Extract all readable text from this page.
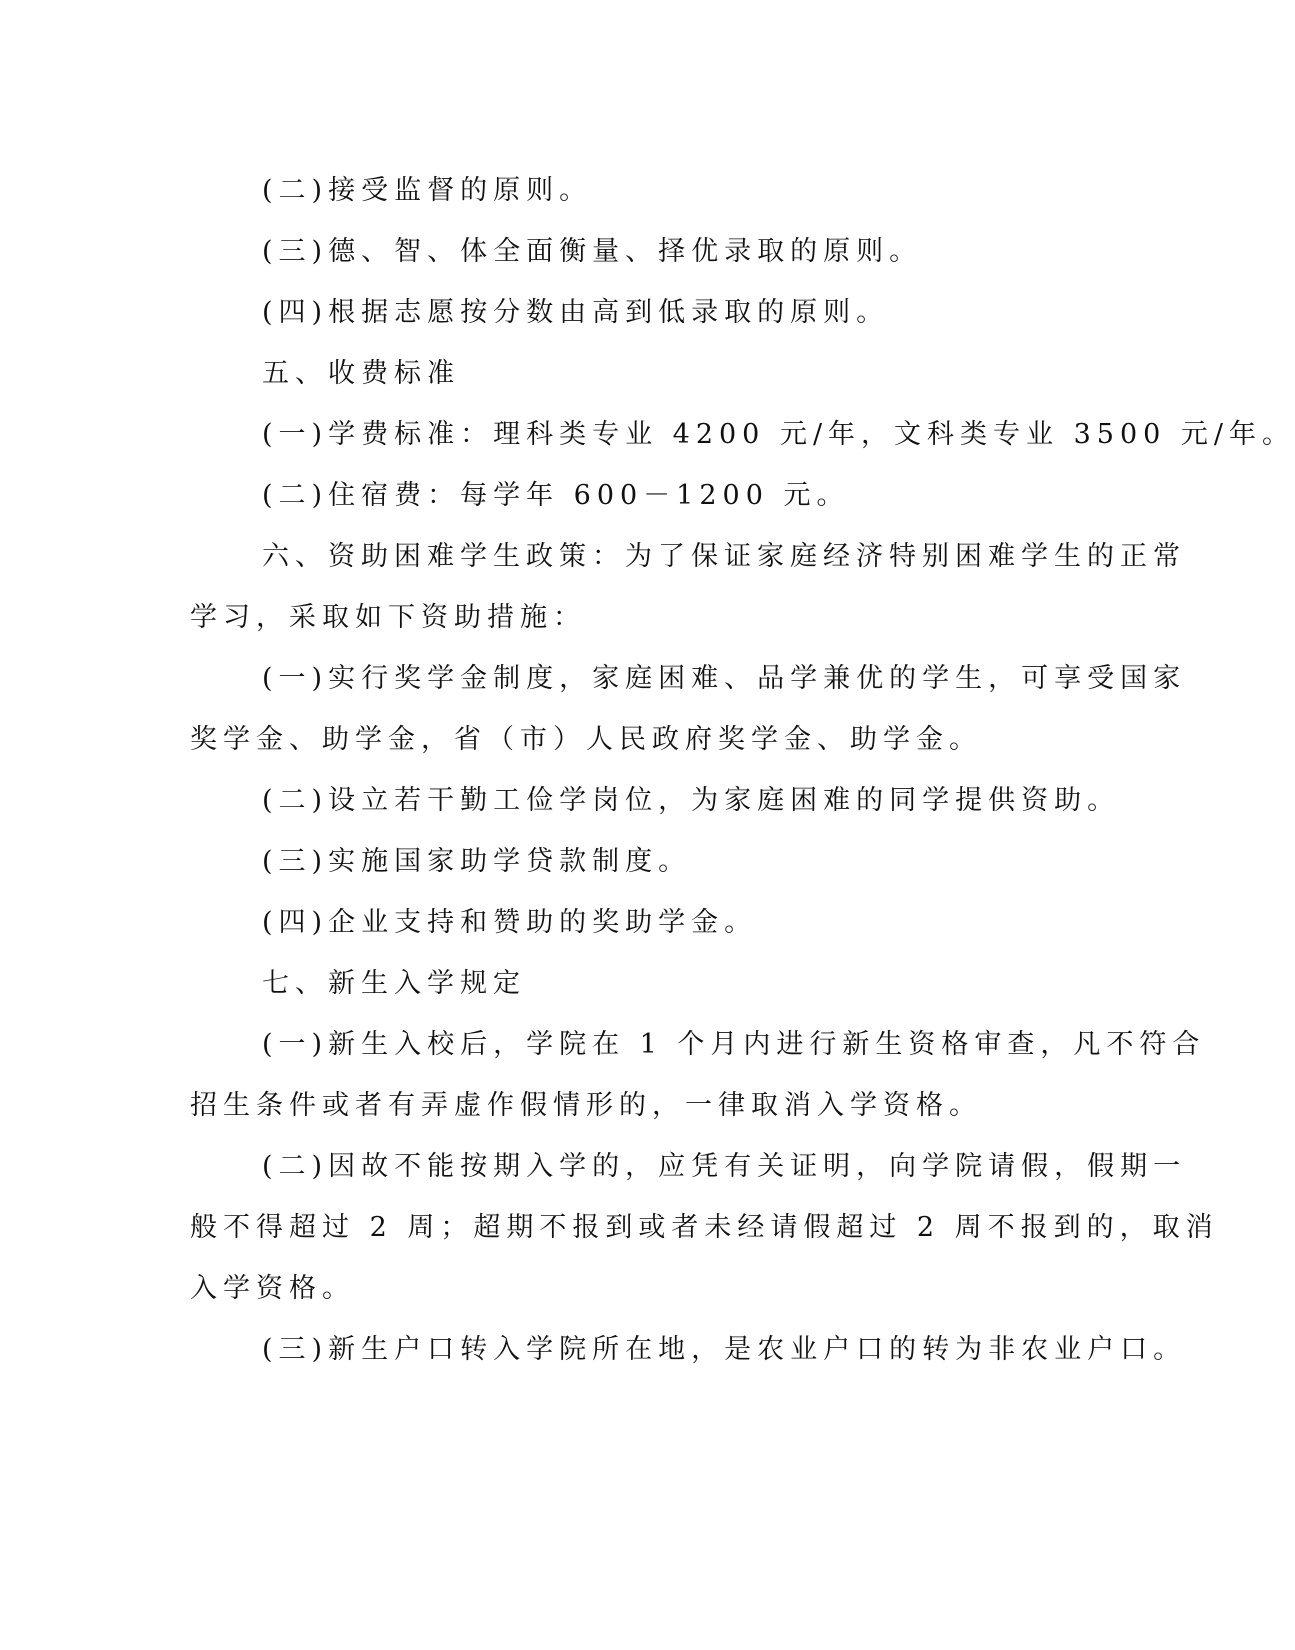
(二)接受监督的原则。

(三)德、智、体全面衡量、择优录取的原则。

(四)根据志愿按分数由高到低录取的原则。

五、收费标准

(一)学费标准：理科类专业 4200 元/年，文科类专业 3500 元/年。

(二)住宿费：每学年 600－1200 元。

六、资助困难学生政策：为了保证家庭经济特别困难学生的正常

学习，采取如下资助措施：

(一)实行奖学金制度，家庭困难、品学兼优的学生，可享受国家

奖学金、助学金，省（市）人民政府奖学金、助学金。

(二)设立若干勤工俭学岗位，为家庭困难的同学提供资助。

(三)实施国家助学贷款制度。

(四)企业支持和赞助的奖助学金。

七、新生入学规定

(一)新生入校后，学院在 1 个月内进行新生资格审查，凡不符合

招生条件或者有弄虚作假情形的，一律取消入学资格。

(二)因故不能按期入学的，应凭有关证明，向学院请假，假期一

般不得超过 2 周；超期不报到或者未经请假超过 2 周不报到的，取消

入学资格。

(三)新生户口转入学院所在地，是农业户口的转为非农业户口。
